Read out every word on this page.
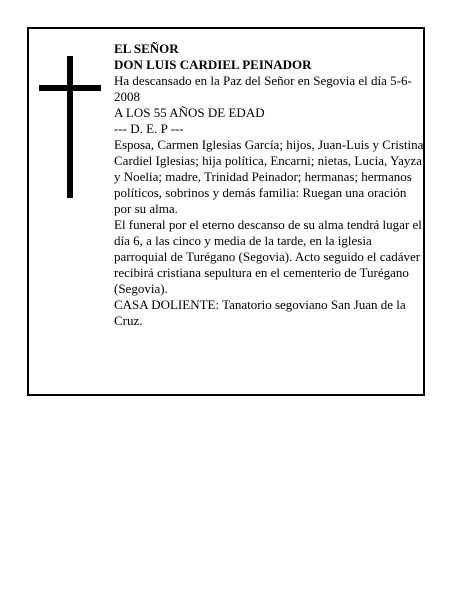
EL SEÑOR

DON LUIS CARDIEL PEINADOR

Ha descansado en la Paz del Señor en Segovia el día 5-6-2008

A LOS 55 AÑOS DE EDAD

--- D. E. P ---

Esposa, Carmen Iglesias García; hijos, Juan-Luis y Cristina Cardiel Iglesias; hija política, Encarni; nietas, Lucia, Yayza y Noelia; madre, Trinidad Peinador; hermanas; hermanos políticos, sobrinos y demás familia: Ruegan una oración por su alma.

El funeral por el eterno descanso de su alma tendrá lugar el día 6, a las cinco y media de la tarde, en la iglesia parroquial de Turégano (Segovia). Acto seguido el cadáver recibirá cristiana sepultura en el cementerio de Turégano (Segovia).

CASA DOLIENTE: Tanatorio segoviano San Juan de la Cruz.
